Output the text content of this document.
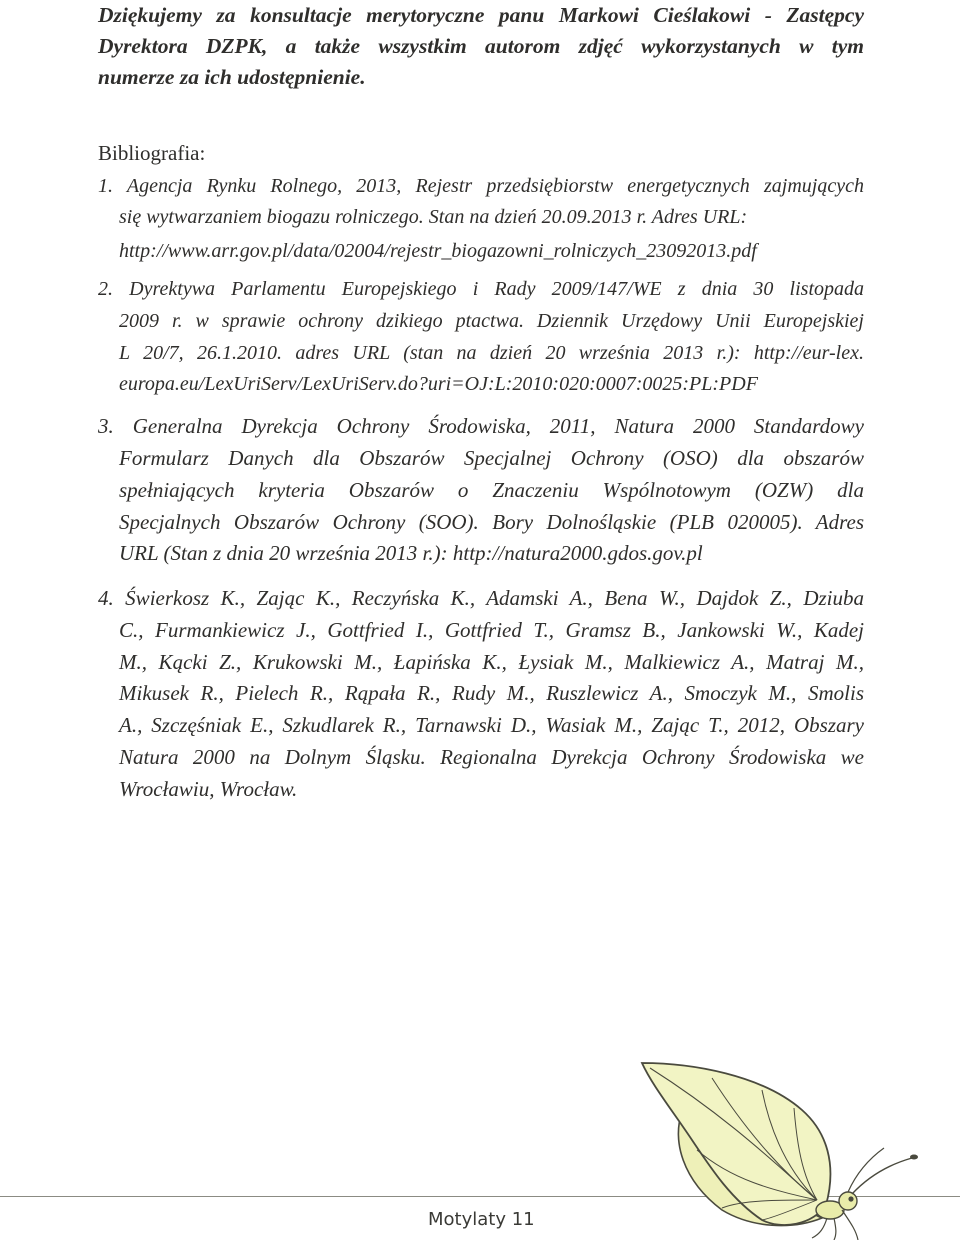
Dziękujemy za konsultacje merytoryczne panu Markowi Cieślakowi - Zastępcy
Dyrektora DZPK, a także wszystkim autorom zdjęć wykorzystanych w tym
numerze za ich udostępnienie.
Bibliografia:
1. Agencja Rynku Rolnego, 2013, Rejestr przedsiębiorstw energetycznych zajmujących
się wytwarzaniem biogazu rolniczego. Stan na dzień 20.09.2013 r. Adres URL:
http://www.arr.gov.pl/data/02004/rejestr_biogazowni_rolniczych_23092013.pdf
2. Dyrektywa Parlamentu Europejskiego i Rady 2009/147/WE z dnia 30 listopada
2009 r. w sprawie ochrony dzikiego ptactwa. Dziennik Urzędowy Unii Europejskiej
L 20/7, 26.1.2010. adres URL (stan na dzień 20 września 2013 r.): http://eur-lex.
europa.eu/LexUriServ/LexUriServ.do?uri=OJ:L:2010:020:0007:0025:PL:PDF
3. Generalna Dyrekcja Ochrony Środowiska, 2011, Natura 2000 Standardowy
Formularz Danych dla Obszarów Specjalnej Ochrony (OSO) dla obszarów
spełniających kryteria Obszarów o Znaczeniu Wspólnotowym (OZW) dla
Specjalnych Obszarów Ochrony (SOO). Bory Dolnośląskie (PLB 020005). Adres
URL (Stan z dnia 20 września 2013 r.): http://natura2000.gdos.gov.pl
4. Świerkosz K., Zając K., Reczyńska K., Adamski A., Bena W., Dajdok Z., Dziuba
C., Furmankiewicz J., Gottfried I., Gottfried T., Gramsz B., Jankowski W., Kadej
M., Kącki Z., Krukowski M., Łapińska K., Łysiak M., Malkiewicz A., Matraj M.,
Mikusek R., Pielech R., Rąpała R., Rudy M., Ruszlewicz A., Smoczyk M., Smolis
A., Szczęśniak E., Szkudlarek R., Tarnawski D., Wasiak M., Zając T., 2012, Obszary
Natura 2000 na Dolnym Śląsku. Regionalna Dyrekcja Ochrony Środowiska we
Wrocławiu, Wrocław.
Motylaty 11
